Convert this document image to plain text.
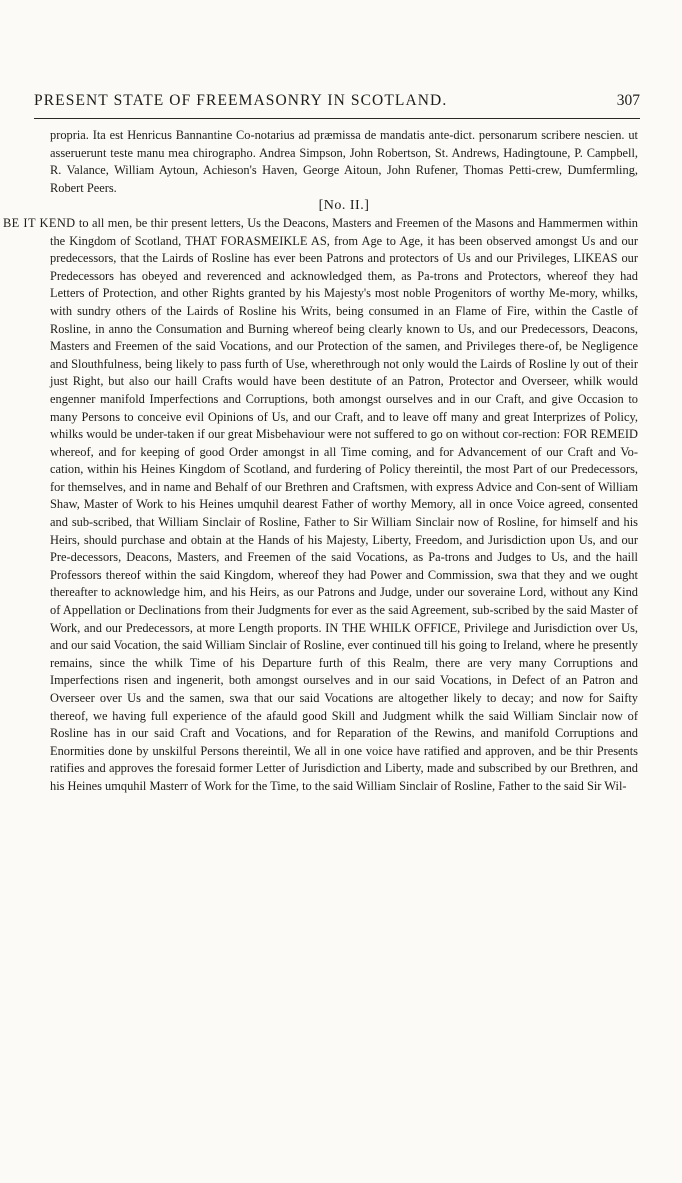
PRESENT STATE OF FREEMASONRY IN SCOTLAND.	307

propria. Ita est Henricus Bannantine Co-notarius ad præmissa de mandatis ante-dict. personarum scribere nescien. ut asseruerunt teste manu mea chirographo. Andrea Simpson, John Robertson, St. Andrews, Hadingtoune, P. Campbell, R. Valance, William Aytoun, Achieson's Haven, George Aitoun, John Rufener, Thomas Petti-crew, Dumfermling, Robert Peers.

[No. II.]

BE IT KEND to all men, be thir present letters, Us the Deacons, Masters and Freemen of the Masons and Hammermen within the Kingdom of Scotland, THAT FORASMEIKLE AS, from Age to Age, it has been observed amongst Us and our predecessors, that the Lairds of Rosline has ever been Patrons and protectors of Us and our Privileges, LIKEAS our Predecessors has obeyed and reverenced and acknowledged them, as Pa-trons and Protectors, whereof they had Letters of Protection, and other Rights granted by his Majesty's most noble Progenitors of worthy Me-mory, whilks, with sundry others of the Lairds of Rosline his Writs, being consumed in an Flame of Fire, within the Castle of Rosline, in anno the Consumation and Burning whereof being clearly known to Us, and our Predecessors, Deacons, Masters and Freemen of the said Vocations, and our Protection of the samen, and Privileges there-of, be Negligence and Slouthfulness, being likely to pass furth of Use, wherethrough not only would the Lairds of Rosline ly out of their just Right, but also our haill Crafts would have been destitute of an Patron, Protector and Overseer, whilk would engenner manifold Imperfections and Corruptions, both amongst ourselves and in our Craft, and give Occasion to many Persons to conceive evil Opinions of Us, and our Craft, and to leave off many and great Interprizes of Policy, whilks would be under-taken if our great Misbehaviour were not suffered to go on without cor-rection: FOR REMEID whereof, and for keeping of good Order amongst in all Time coming, and for Advancement of our Craft and Vo-cation, within his Heines Kingdom of Scotland, and furdering of Policy thereintil, the most Part of our Predecessors, for themselves, and in name and Behalf of our Brethren and Craftsmen, with express Advice and Con-sent of William Shaw, Master of Work to his Heines umquhil dearest Father of worthy Memory, all in once Voice agreed, consented and sub-scribed, that William Sinclair of Rosline, Father to Sir William Sinclair now of Rosline, for himself and his Heirs, should purchase and obtain at the Hands of his Majesty, Liberty, Freedom, and Jurisdiction upon Us, and our Pre-decessors, Deacons, Masters, and Freemen of the said Vocations, as Pa-trons and Judges to Us, and the haill Professors thereof within the said Kingdom, whereof they had Power and Commission, swa that they and we ought thereafter to acknowledge him, and his Heirs, as our Patrons and Judge, under our soveraine Lord, without any Kind of Appellation or Declinations from their Judgments for ever as the said Agreement, sub-scribed by the said Master of Work, and our Predecessors, at more Length proports. IN THE WHILK OFFICE, Privilege and Jurisdiction over Us, and our said Vocation, the said William Sinclair of Rosline, ever continued till his going to Ireland, where he presently remains, since the whilk Time of his Departure furth of this Realm, there are very many Corruptions and Imperfections risen and ingenerit, both amongst ourselves and in our said Vocations, in Defect of an Patron and Overseer over Us and the samen, swa that our said Vocations are altogether likely to decay; and now for Saifty thereof, we having full experience of the afauld good Skill and Judgment whilk the said William Sinclair now of Rosline has in our said Craft and Vocations, and for Reparation of the Rewins, and manifold Corruptions and Enormities done by unskilful Persons thereintil, We all in one voice have ratified and approven, and be thir Presents ratifies and approves the foresaid former Letter of Jurisdiction and Liberty, made and subscribed by our Brethren, and his Heines umquhil Masterr of Work for the Time, to the said William Sinclair of Rosline, Father to the said Sir Wil-
